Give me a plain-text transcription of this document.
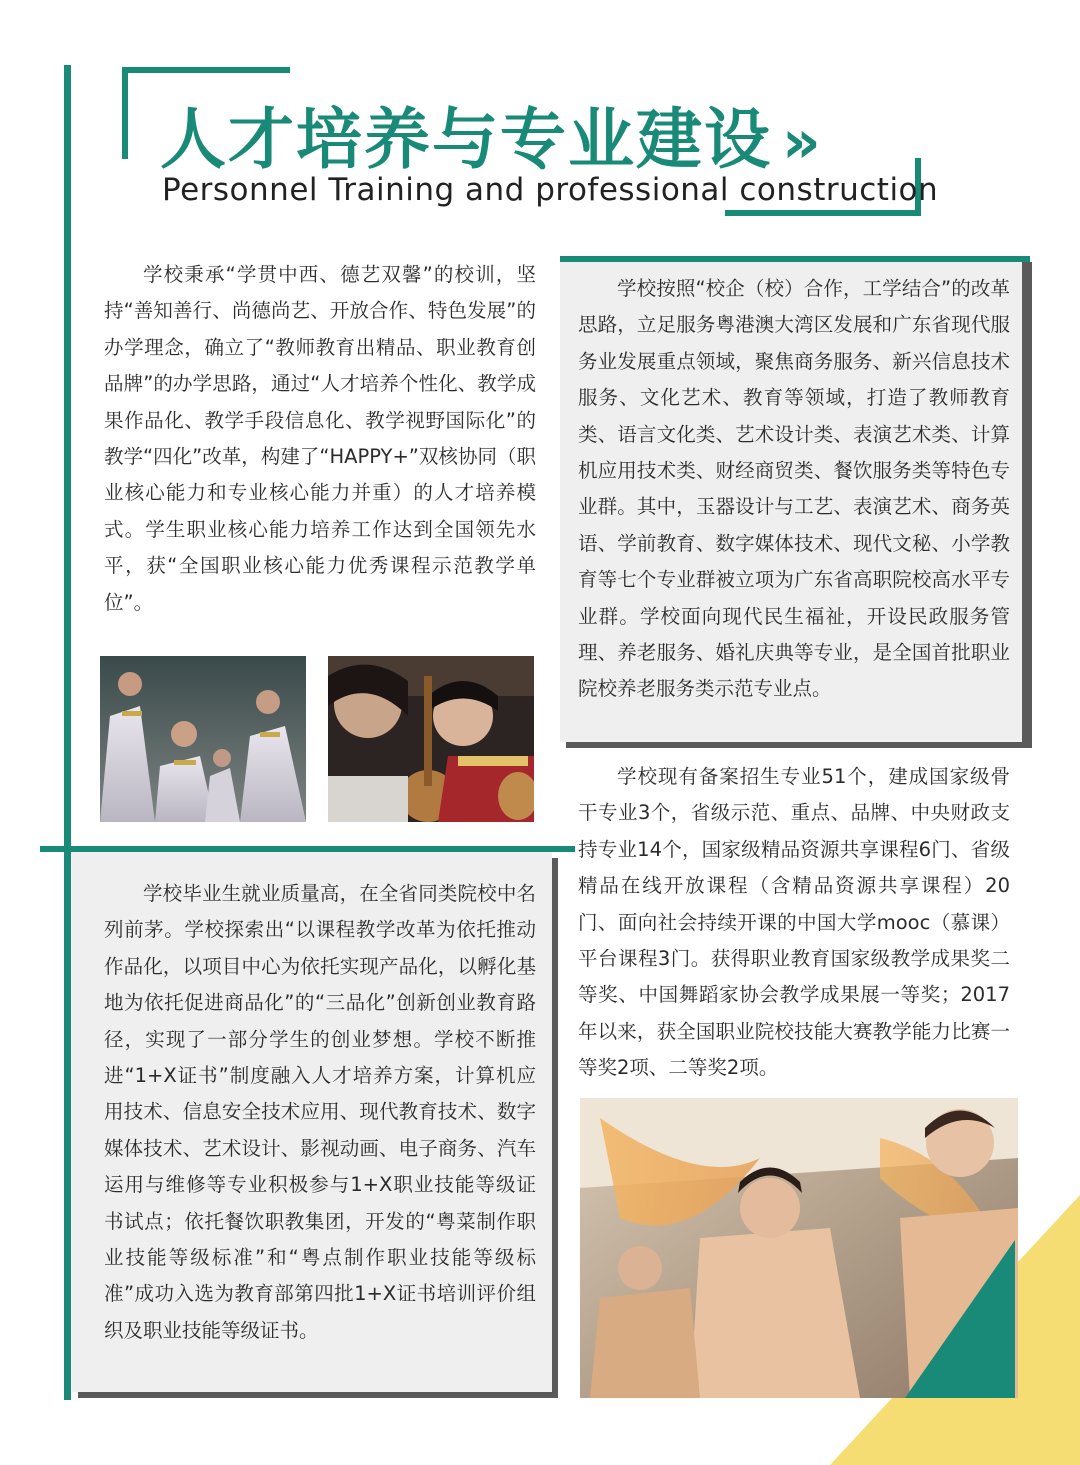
人才培养与专业建设 »
Personnel Training and professional construction

学校秉承“学贯中西、德艺双馨”的校训，坚持“善知善行、尚德尚艺、开放合作、特色发展”的办学理念，确立了“教师教育出精品、职业教育创品牌”的办学思路，通过“人才培养个性化、教学成果作品化、教学手段信息化、教学视野国际化”的教学“四化”改革，构建了“HAPPY+”双核协同（职业核心能力和专业核心能力并重）的人才培养模式。学生职业核心能力培养工作达到全国领先水平，获“全国职业核心能力优秀课程示范教学单位”。

学校按照“校企（校）合作，工学结合”的改革思路，立足服务粤港澳大湾区发展和广东省现代服务业发展重点领域，聚焦商务服务、新兴信息技术服务、文化艺术、教育等领域，打造了教师教育类、语言文化类、艺术设计类、表演艺术类、计算机应用技术类、财经商贸类、餐饮服务类等特色专业群。其中，玉器设计与工艺、表演艺术、商务英语、学前教育、数字媒体技术、现代文秘、小学教育等七个专业群被立项为广东省高职院校高水平专业群。学校面向现代民生福祉，开设民政服务管理、养老服务、婚礼庆典等专业，是全国首批职业院校养老服务类示范专业点。

学校毕业生就业质量高，在全省同类院校中名列前茅。学校探索出“以课程教学改革为依托推动作品化，以项目中心为依托实现产品化，以孵化基地为依托促进商品化”的“三品化”创新创业教育路径，实现了一部分学生的创业梦想。学校不断推进“1+X证书”制度融入人才培养方案，计算机应用技术、信息安全技术应用、现代教育技术、数字媒体技术、艺术设计、影视动画、电子商务、汽车运用与维修等专业积极参与1+X职业技能等级证书试点；依托餐饮职教集团，开发的“粤菜制作职业技能等级标准”和“粤点制作职业技能等级标准”成功入选为教育部第四批1+X证书培训评价组织及职业技能等级证书。

学校现有备案招生专业51个，建成国家级骨干专业3个，省级示范、重点、品牌、中央财政支持专业14个，国家级精品资源共享课程6门、省级精品在线开放课程（含精品资源共享课程）20门、面向社会持续开课的中国大学mooc（慕课）平台课程3门。获得职业教育国家级教学成果奖二等奖、中国舞蹈家协会教学成果展一等奖；2017年以来，获全国职业院校技能大赛教学能力比赛一等奖2项、二等奖2项。
